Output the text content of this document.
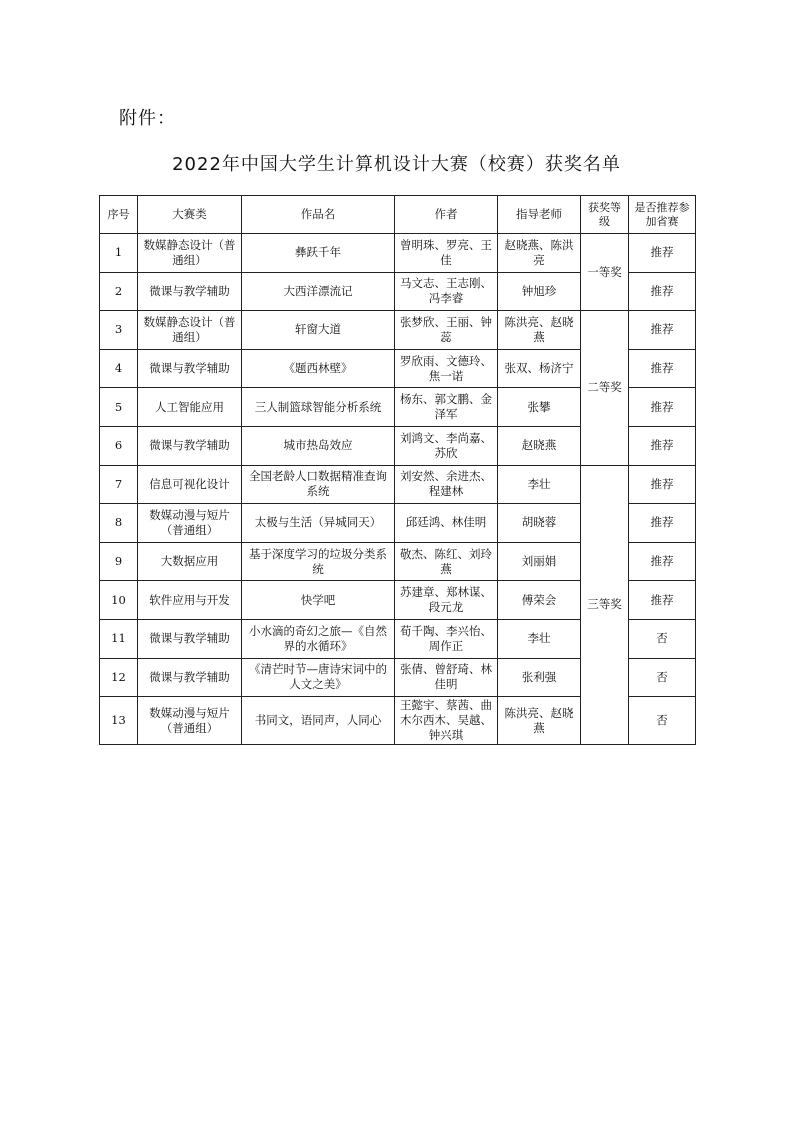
附件：
2022年中国大学生计算机设计大赛（校赛）获奖名单
序号	大赛类	作品名	作者	指导老师	获奖等级	是否推荐参加省赛
1	数媒静态设计（普通组）	彝跃千年	曾明珠、罗亮、王佳	赵晓燕、陈洪亮	一等奖	推荐
2	微课与教学辅助	大西洋漂流记	马文志、王志刚、冯李睿	钟旭珍		推荐
3	数媒静态设计（普通组）	轩窗大道	张梦欣、王丽、钟蕊	陈洪亮、赵晓燕	二等奖	推荐
4	微课与教学辅助	《题西林壁》	罗欣雨、文德玲、焦一诺	张双、杨济宁		推荐
5	人工智能应用	三人制篮球智能分析系统	杨东、郭文鹏、金泽军	张攀		推荐
6	微课与教学辅助	城市热岛效应	刘鸿文、李尚嘉、苏欣	赵晓燕		推荐
7	信息可视化设计	全国老龄人口数据精准查询系统	刘安然、余进杰、程建林	李壮	三等奖	推荐
8	数媒动漫与短片（普通组）	太极与生活（异城同天）	邱廷鸿、林佳明	胡晓蓉		推荐
9	大数据应用	基于深度学习的垃圾分类系统	敬杰、陈红、刘玲燕	刘丽娟		推荐
10	软件应用与开发	快学吧	苏建章、郑林谋、段元龙	傅荣会		推荐
11	微课与教学辅助	小水滴的奇幻之旅—《自然界的水循环》	荀千陶、李兴怡、周作正	李壮		否
12	微课与教学辅助	《清芒时节—唐诗宋词中的人文之美》	张倩、曾舒琦、林佳明	张利强		否
13	数媒动漫与短片（普通组）	书同文，语同声，人同心	王懿宇、蔡茜、曲木尔西木、吴越、钟兴琪	陈洪亮、赵晓燕		否
